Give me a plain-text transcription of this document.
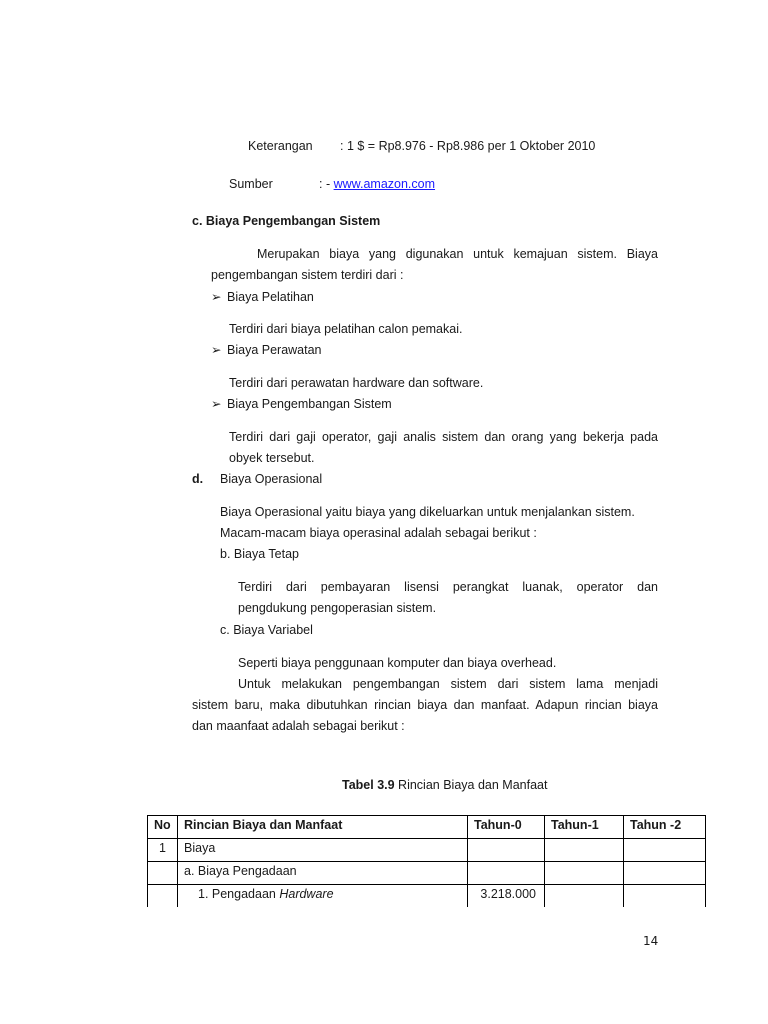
Keterangan : 1 $ = Rp8.976 - Rp8.986 per 1 Oktober 2010
Sumber	: - www.amazon.com
c. Biaya Pengembangan Sistem
Merupakan biaya yang digunakan untuk kemajuan sistem. Biaya
pengembangan sistem terdiri dari :
➢ Biaya Pelatihan
Terdiri dari biaya pelatihan calon pemakai.
➢ Biaya Perawatan
Terdiri dari perawatan hardware dan software.
➢ Biaya Pengembangan Sistem
Terdiri dari gaji operator, gaji analis sistem dan orang yang bekerja pada
obyek tersebut.
d. Biaya Operasional
Biaya Operasional yaitu biaya yang dikeluarkan untuk menjalankan sistem.
Macam-macam biaya operasinal adalah sebagai berikut :
b. Biaya Tetap
Terdiri dari pembayaran lisensi perangkat luanak, operator dan
pengdukung pengoperasian sistem.
c. Biaya Variabel
Seperti biaya penggunaan komputer dan biaya overhead.
Untuk melakukan pengembangan sistem dari sistem lama menjadi
sistem baru, maka dibutuhkan rincian biaya dan manfaat. Adapun rincian biaya
dan maanfaat adalah sebagai berikut :
Tabel 3.9 Rincian Biaya dan Manfaat
No	Rincian Biaya dan Manfaat	Tahun-0	Tahun-1	Tahun -2
1	Biaya			
	a. Biaya Pengadaan			
	1. Pengadaan Hardware	3.218.000		
14
